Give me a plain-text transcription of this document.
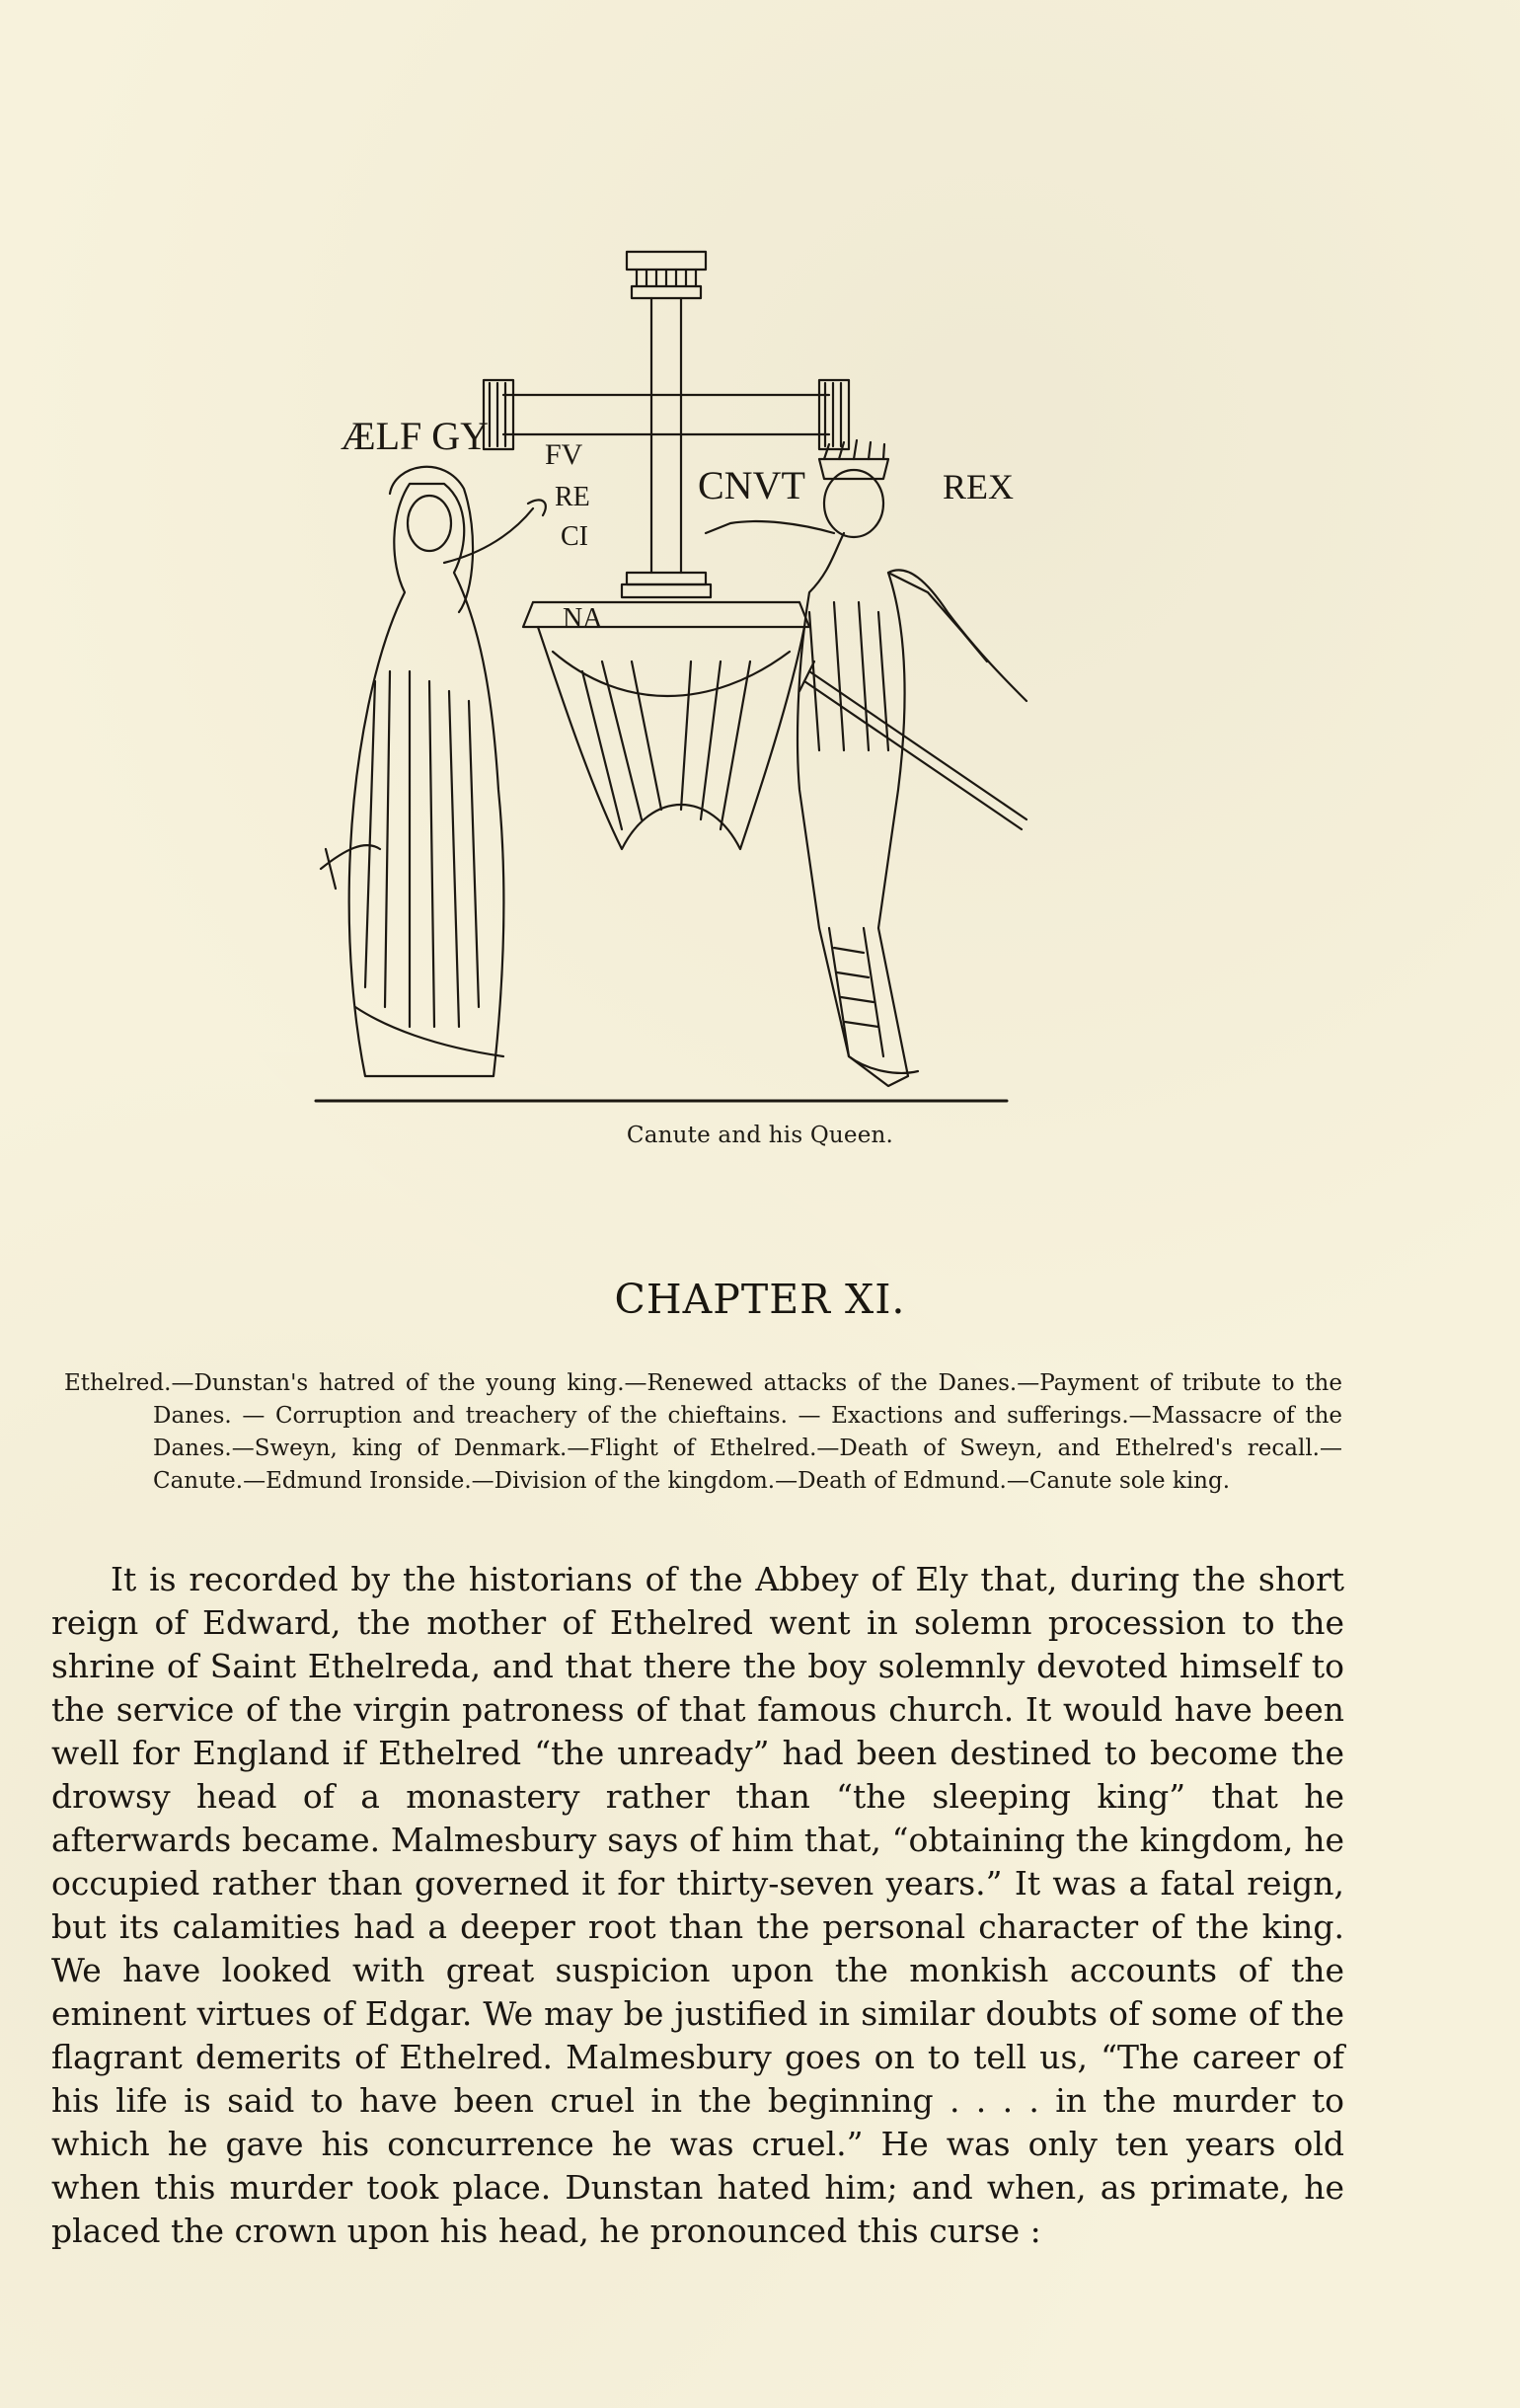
ÆLF GY FV
RE
CI
NA
CNVT	REX
Canute and his Queen.
CHAPTER XI.

Ethelred.—Dunstan's hatred of the young king.—Renewed attacks of the Danes.—Payment of tribute to the Danes. — Corruption and treachery of the chieftains. — Exactions and sufferings.—Massacre of the Danes.—Sweyn, king of Denmark.—Flight of Ethelred.—Death of Sweyn, and Ethelred's recall.—Canute.—Edmund Ironside.—Division of the kingdom.—Death of Edmund.—Canute sole king.

It is recorded by the historians of the Abbey of Ely that, during the short reign of Edward, the mother of Ethelred went in solemn procession to the shrine of Saint Ethelreda, and that there the boy solemnly devoted himself to the service of the virgin patroness of that famous church. It would have been well for England if Ethelred “the unready” had been destined to become the drowsy head of a monastery rather than “the sleeping king” that he afterwards became. Malmesbury says of him that, “obtaining the kingdom, he occupied rather than governed it for thirty-seven years.” It was a fatal reign, but its calamities had a deeper root than the personal character of the king. We have looked with great suspicion upon the monkish accounts of the eminent virtues of Edgar. We may be justified in similar doubts of some of the flagrant demerits of Ethelred. Malmesbury goes on to tell us, “The career of his life is said to have been cruel in the beginning . . . . in the murder to which he gave his concurrence he was cruel.” He was only ten years old when this murder took place. Dunstan hated him; and when, as primate, he placed the crown upon his head, he pronounced this curse :
